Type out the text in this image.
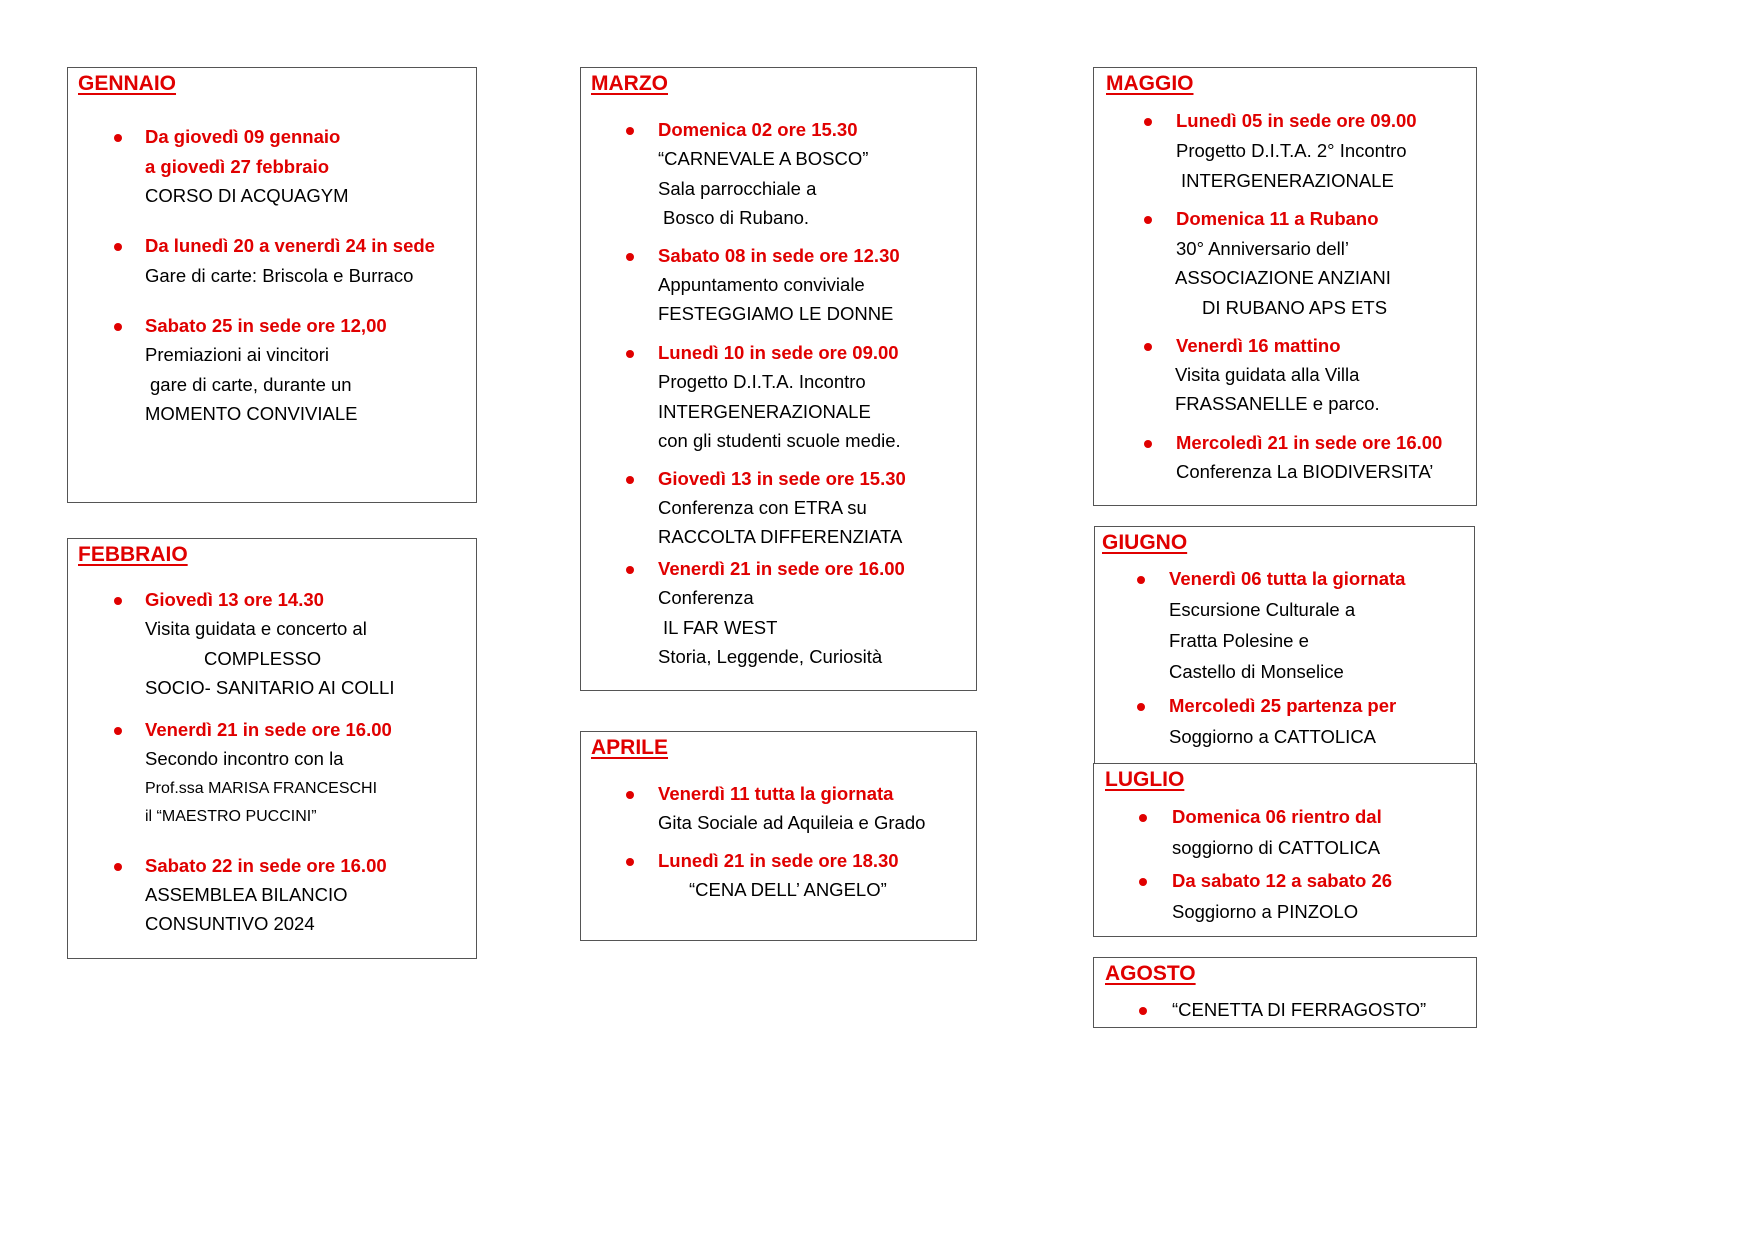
GENNAIO
Da giovedì 09 gennaio
a giovedì 27 febbraio
CORSO DI ACQUAGYM
Da lunedì 20 a venerdì 24 in sede
Gare di carte: Briscola e Burraco
Sabato 25 in sede ore 12,00
Premiazioni ai vincitori
gare di carte, durante un
MOMENTO CONVIVIALE
FEBBRAIO
Giovedì 13 ore 14.30
Visita guidata e concerto al
COMPLESSO
SOCIO- SANITARIO AI COLLI
Venerdì 21 in sede ore 16.00
Secondo incontro con la
Prof.ssa MARISA FRANCESCHI
il “MAESTRO PUCCINI”
Sabato 22 in sede ore 16.00
ASSEMBLEA BILANCIO
CONSUNTIVO 2024
MARZO
Domenica 02 ore 15.30
“CARNEVALE A BOSCO”
Sala parrocchiale a
Bosco di Rubano.
Sabato 08 in sede ore 12.30
Appuntamento conviviale
FESTEGGIAMO LE DONNE
Lunedì 10 in sede ore 09.00
Progetto D.I.T.A. Incontro
INTERGENERAZIONALE
con gli studenti scuole medie.
Giovedì 13 in sede ore 15.30
Conferenza con ETRA su
RACCOLTA DIFFERENZIATA
Venerdì 21 in sede ore 16.00
Conferenza
IL FAR WEST
Storia, Leggende, Curiosità
APRILE
Venerdì 11 tutta la giornata
Gita Sociale ad Aquileia e Grado
Lunedì 21 in sede ore 18.30
“CENA DELL’ ANGELO”
MAGGIO
Lunedì 05 in sede ore 09.00
Progetto D.I.T.A. 2° Incontro
INTERGENERAZIONALE
Domenica 11 a Rubano
30° Anniversario dell’
ASSOCIAZIONE ANZIANI
DI RUBANO APS ETS
Venerdì 16 mattino
Visita guidata alla Villa
FRASSANELLE e parco.
Mercoledì 21 in sede ore 16.00
Conferenza La BIODIVERSITA’
GIUGNO
Venerdì 06 tutta la giornata
Escursione Culturale a
Fratta Polesine e
Castello di Monselice
Mercoledì 25 partenza per
Soggiorno a CATTOLICA
LUGLIO
Domenica 06 rientro dal
soggiorno di CATTOLICA
Da sabato 12 a sabato 26
Soggiorno a PINZOLO
AGOSTO
“CENETTA DI FERRAGOSTO”
